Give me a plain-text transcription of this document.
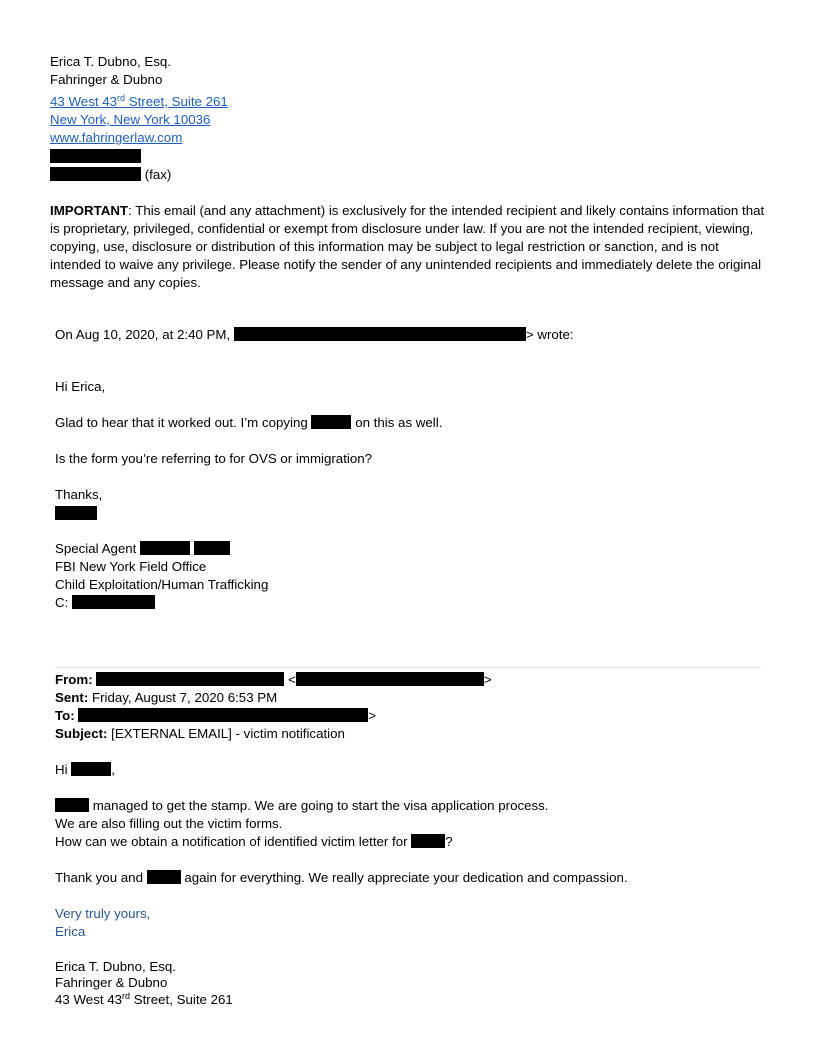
Erica T. Dubno, Esq.
Fahringer & Dubno
43 West 43rd Street, Suite 261
New York, New York 10036
www.fahringerlaw.com
(fax)
IMPORTANT: This email (and any attachment) is exclusively for the intended recipient and likely contains information that is proprietary, privileged, confidential or exempt from disclosure under law. If you are not the intended recipient, viewing, copying, use, disclosure or distribution of this information may be subject to legal restriction or sanction, and is not intended to waive any privilege. Please notify the sender of any unintended recipients and immediately delete the original message and any copies.
On Aug 10, 2020, at 2:40 PM,	> wrote:
Hi Erica,
Glad to hear that it worked out. I’m copying	on this as well.
Is the form you’re referring to for OVS or immigration?
Thanks,
Special Agent
FBI New York Field Office
Child Exploitation/Human Trafficking
C:
From:	<	>
Sent: Friday, August 7, 2020 6:53 PM
To:	>
Subject: [EXTERNAL EMAIL] - victim notification
Hi	,
managed to get the stamp. We are going to start the visa application process.
We are also filling out the victim forms.
How can we obtain a notification of identified victim letter for	?
Thank you and	again for everything. We really appreciate your dedication and compassion.
Very truly yours,
Erica
Erica T. Dubno, Esq.
Fahringer & Dubno
43 West 43rd Street, Suite 261
